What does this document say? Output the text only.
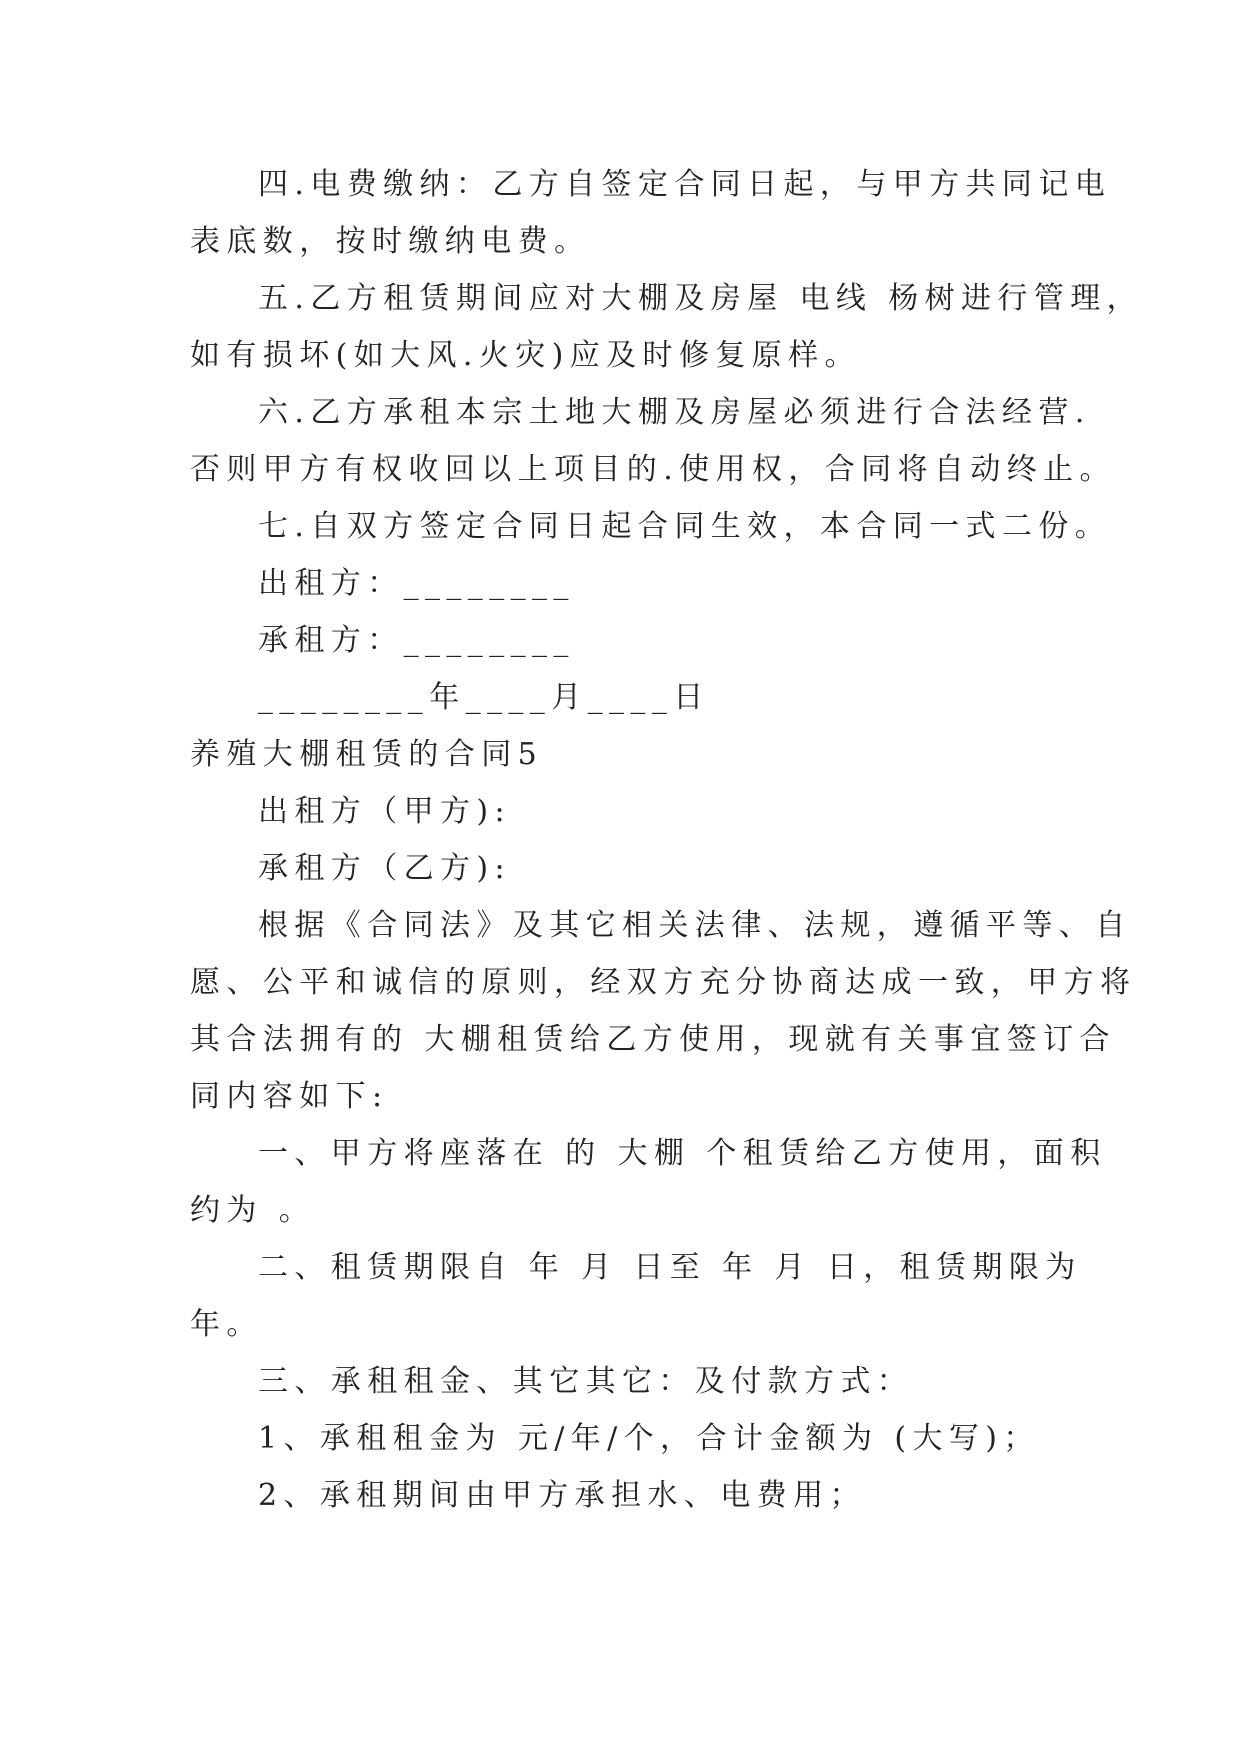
四.电费缴纳：乙方自签定合同日起，与甲方共同记电
表底数，按时缴纳电费。
五.乙方租赁期间应对大棚及房屋 电线 杨树进行管理，
如有损坏(如大风.火灾)应及时修复原样。
六.乙方承租本宗土地大棚及房屋必须进行合法经营.
否则甲方有权收回以上项目的.使用权，合同将自动终止。
七.自双方签定合同日起合同生效，本合同一式二份。
出租方：________
承租方：________
________年____月____日
养殖大棚租赁的合同5
出租方（甲方):
承租方（乙方):
根据《合同法》及其它相关法律、法规，遵循平等、自
愿、公平和诚信的原则，经双方充分协商达成一致，甲方将
其合法拥有的 大棚租赁给乙方使用，现就有关事宜签订合
同内容如下:
一、甲方将座落在 的 大棚 个租赁给乙方使用，面积
约为 。
二、租赁期限自 年 月 日至 年 月 日，租赁期限为
年。
三、承租租金、其它其它：及付款方式：
1、承租租金为 元/年/个，合计金额为 (大写)；
2、承租期间由甲方承担水、电费用；
